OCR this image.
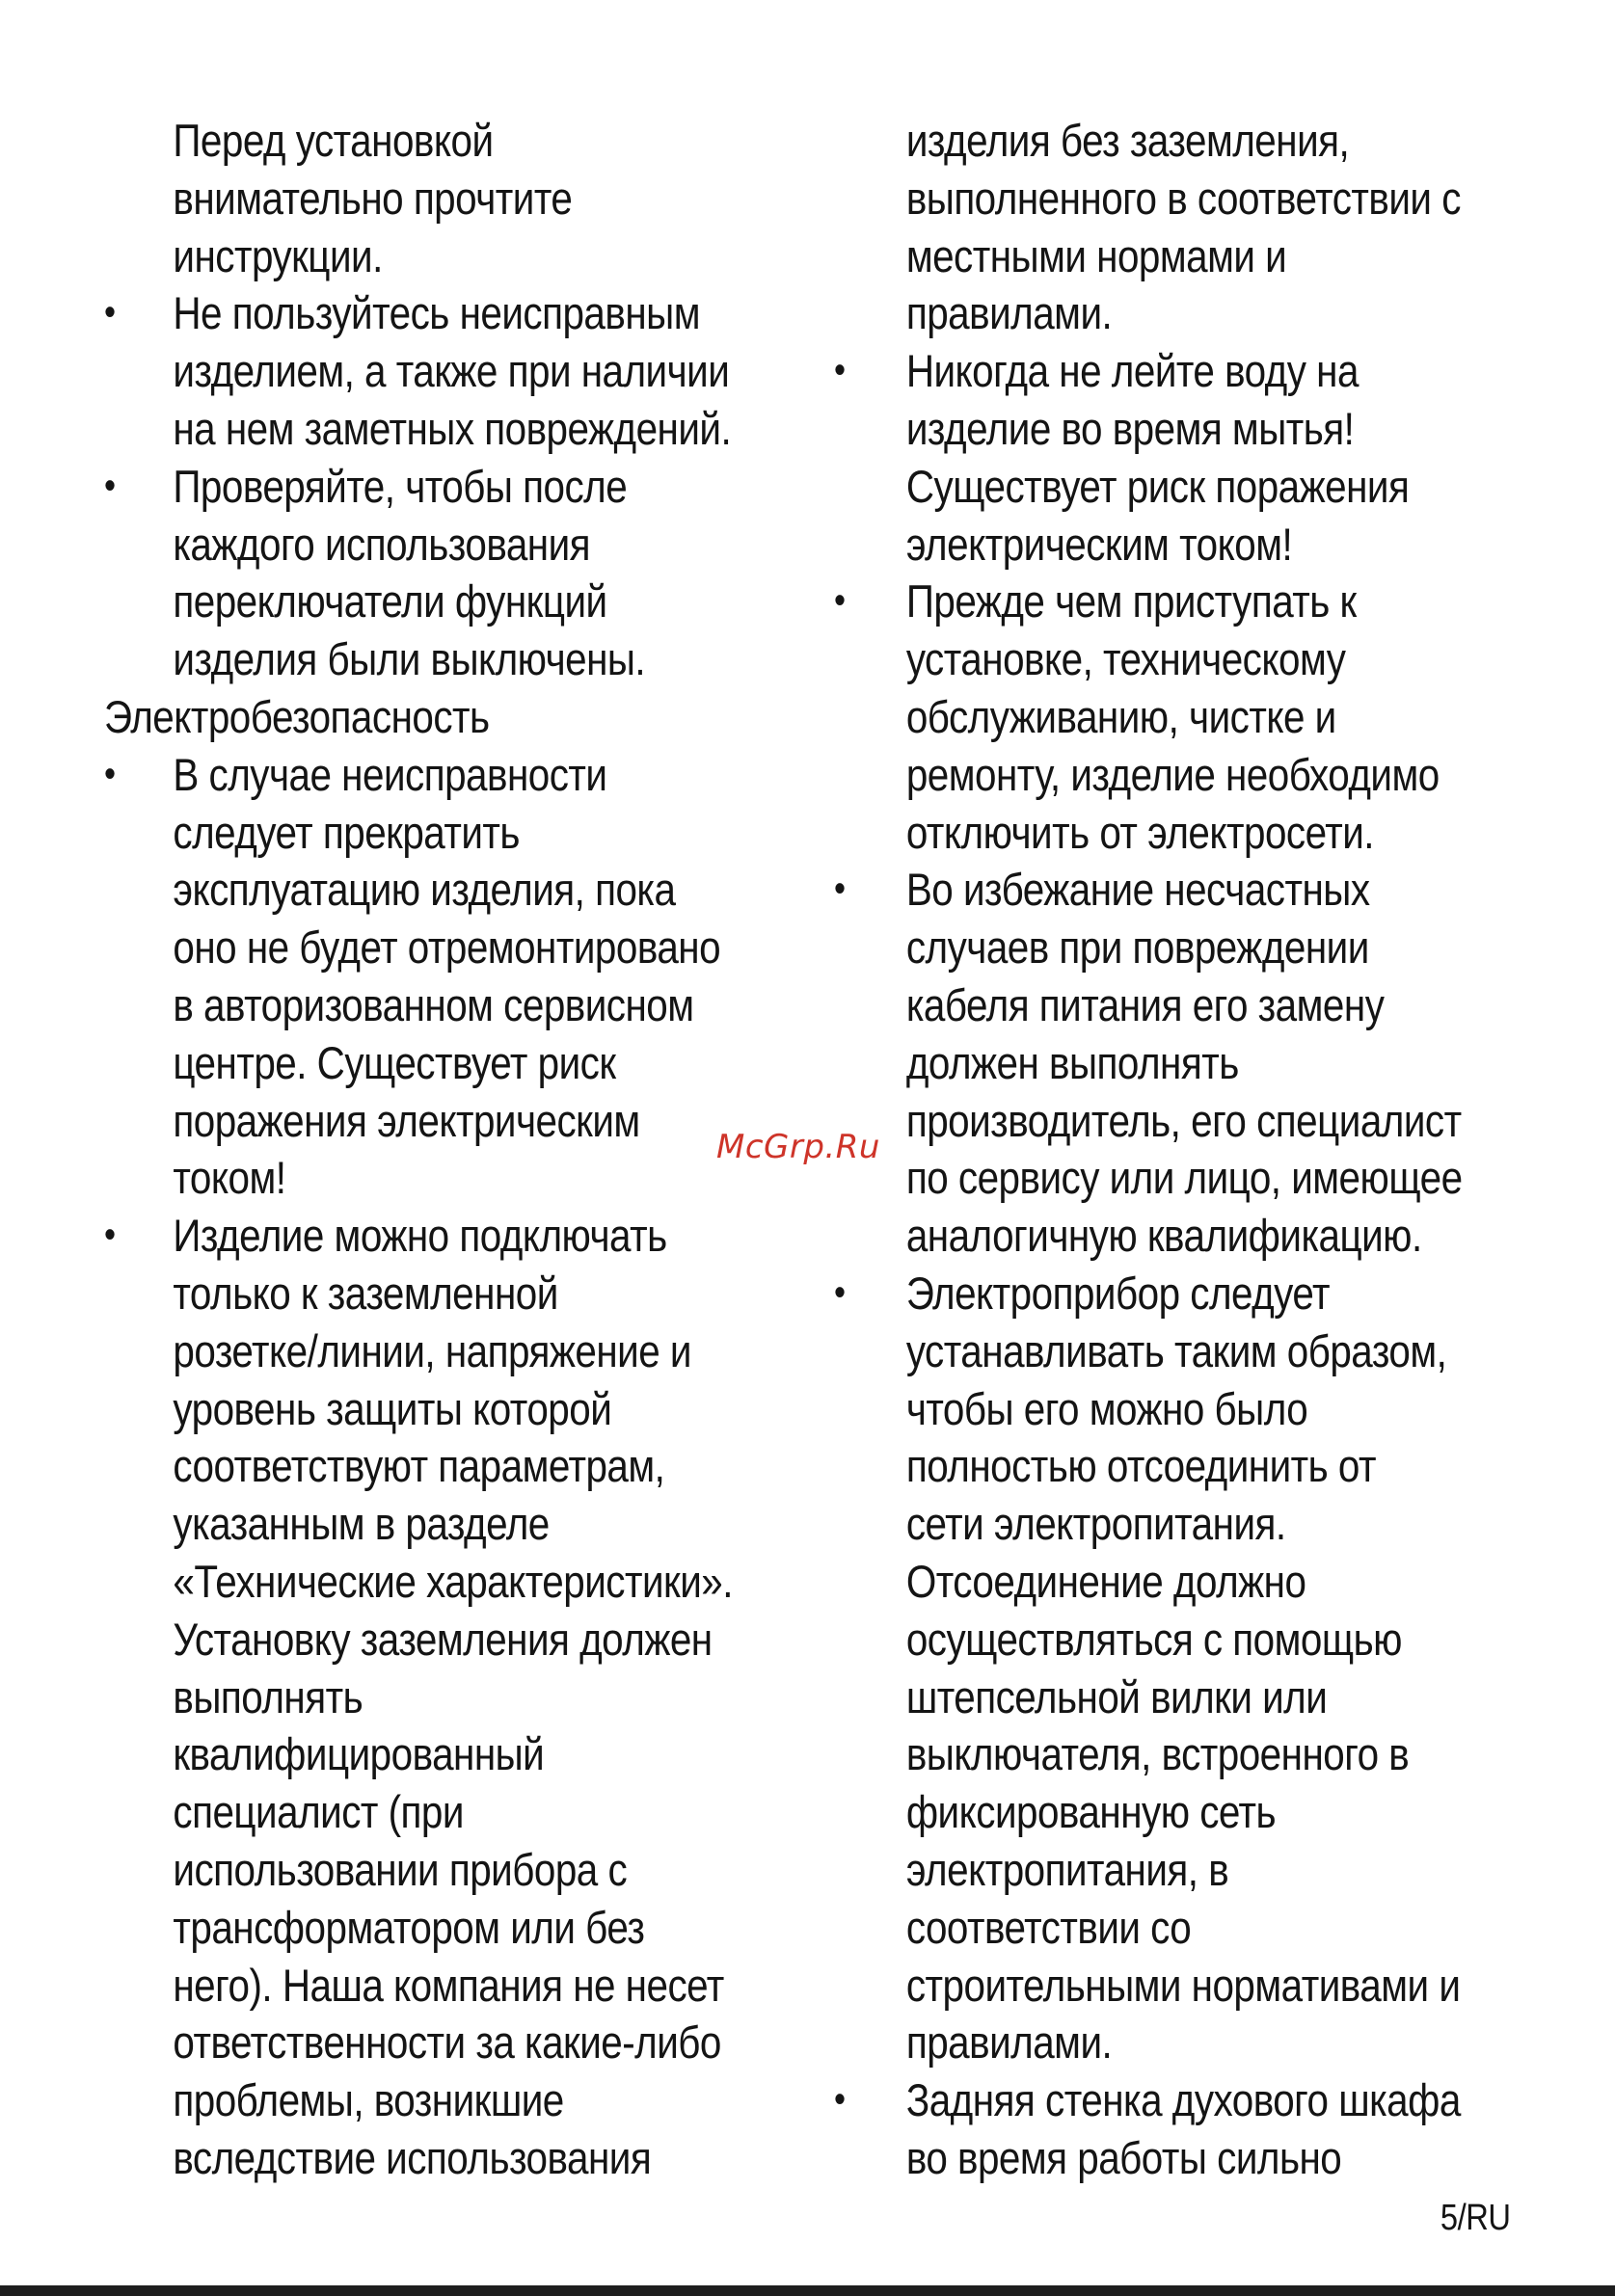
Перед установкой
внимательно прочтите
инструкции.
• Не пользуйтесь неисправным
изделием, а также при наличии
на нем заметных повреждений.
• Проверяйте, чтобы после
каждого использования
переключатели функций
изделия были выключены.
Электробезопасность
• В случае неисправности
следует прекратить
эксплуатацию изделия, пока
оно не будет отремонтировано
в авторизованном сервисном
центре. Существует риск
поражения электрическим
током!
• Изделие можно подключать
только к заземленной
розетке/линии, напряжение и
уровень защиты которой
соответствуют параметрам,
указанным в разделе
«Технические характеристики».
Установку заземления должен
выполнять
квалифицированный
специалист (при
использовании прибора с
трансформатором или без
него). Наша компания не несет
ответственности за какие-либо
проблемы, возникшие
вследствие использования
изделия без заземления,
выполненного в соответствии с
местными нормами и
правилами.
• Никогда не лейте воду на
изделие во время мытья!
Существует риск поражения
электрическим током!
• Прежде чем приступать к
установке, техническому
обслуживанию, чистке и
ремонту, изделие необходимо
отключить от электросети.
• Во избежание несчастных
случаев при повреждении
кабеля питания его замену
должен выполнять
производитель, его специалист
по сервису или лицо, имеющее
аналогичную квалификацию.
• Электроприбор следует
устанавливать таким образом,
чтобы его можно было
полностью отсоединить от
сети электропитания.
Отсоединение должно
осуществляться с помощью
штепсельной вилки или
выключателя, встроенного в
фиксированную сеть
электропитания, в
соответствии со
строительными нормативами и
правилами.
• Задняя стенка духового шкафа
во время работы сильно
McGrp.Ru
5/RU
